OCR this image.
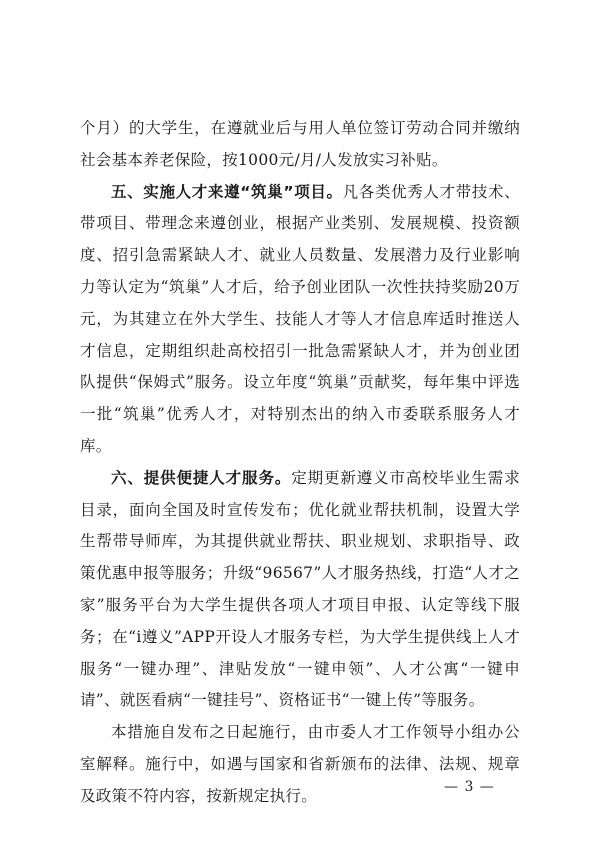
个月）的大学生，在遵就业后与用人单位签订劳动合同并缴纳社会基本养老保险，按1000元/月/人发放实习补贴。

五、实施人才来遵“筑巢”项目。凡各类优秀人才带技术、带项目、带理念来遵创业，根据产业类别、发展规模、投资额度、招引急需紧缺人才、就业人员数量、发展潜力及行业影响力等认定为“筑巢”人才后，给予创业团队一次性扶持奖励20万元，为其建立在外大学生、技能人才等人才信息库适时推送人才信息，定期组织赴高校招引一批急需紧缺人才，并为创业团队提供“保姆式”服务。设立年度“筑巢”贡献奖，每年集中评选一批“筑巢”优秀人才，对特别杰出的纳入市委联系服务人才库。

六、提供便捷人才服务。定期更新遵义市高校毕业生需求目录，面向全国及时宣传发布；优化就业帮扶机制，设置大学生帮带导师库，为其提供就业帮扶、职业规划、求职指导、政策优惠申报等服务；升级“96567”人才服务热线，打造“人才之家”服务平台为大学生提供各项人才项目申报、认定等线下服务；在“i遵义”APP开设人才服务专栏，为大学生提供线上人才服务“一键办理”、津贴发放“一键申领”、人才公寓“一键申请”、就医看病“一键挂号”、资格证书“一键上传”等服务。

本措施自发布之日起施行，由市委人才工作领导小组办公室解释。施行中，如遇与国家和省新颁布的法律、法规、规章及政策不符内容，按新规定执行。	— 3 —
